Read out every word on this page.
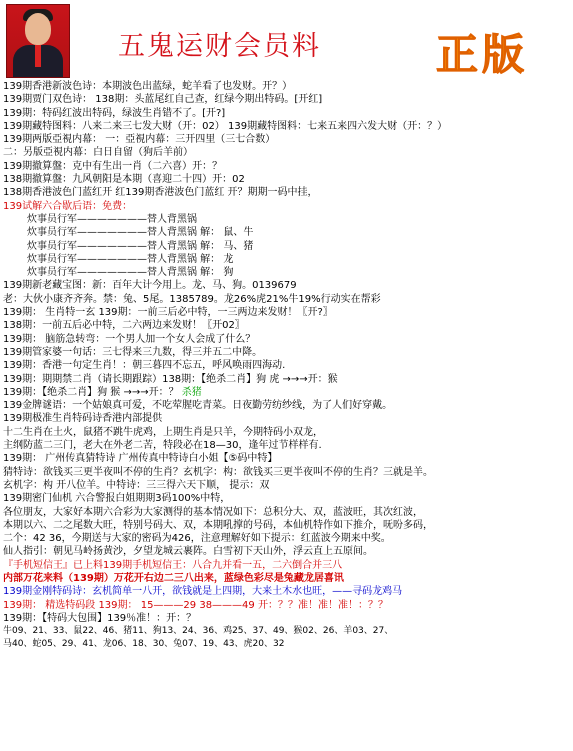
五鬼运财会员料	正版
139期香港新波色诗：本期波色出蓝绿，蛇羊看了也发财。开？）
139期贾门双色诗： 138期：头蓝尾红自己查，红绿今期出特码。[开红]
139期：特码红波出特码，绿波生肖错不了。[开?]
139期藏特图料：八来二来三七发大财（开：02） 139期藏特图料：七来五来四六发大财（开：？）
139期两版亞視内幕： 一：亞視内幕：三开四里（三七合数）
二：另版亞視内幕：白日自留（狗后羊前）
139期撤算盤：克中有生出一肖（二六喜）开：？
138期撤算盤：九风朝阳是本期（喜迎二十四）开：02
138期香港波色门蓝红开 红139期香港波色门蓝红 开？期期一码中挂，
139试解六合歇后语：免费：
炊事员行军———————替人背黑锅
炊事员行军———————替人背黑锅 解： 鼠、牛
炊事员行军———————替人背黑锅 解： 马、猪
炊事员行军———————替人背黑锅 解： 龙
炊事员行军———————替人背黑锅 解： 狗
139期新老藏宝图：新：百年大计今用上。龙、马、狗。0139679
老：大伙小康齐齐奔。禁：兔、5尾。1385789。龙26%虎21%牛19%行动实在帮彩
139期： 生肖特一玄 139期：一前三后必中特，一三两边来发财！〖开?〗
138期：一前五后必中特，二六两边来发财！〖开02〗
139期： 脑筋急转弯：一个男人加一个女人会成了什么？
139期管家婆一句话：三七得来三九数，得三并五二中降。
139期：香港一句定生肖！：朝三暮四不忘五，呼风唤雨四海动.
139期：期期禁二肖（请长期跟踪）138期：【绝杀二肖】狗 虎 →→→开：猴
139期：【绝杀二肖】狗 猴 →→→开：？ 杀猪
139金牌谜语：一个姑娘真可爱，不吃荤腥吃青菜。日夜勤劳纺纱线，为了人们好穿戴。
139期极准生肖特码诗香港内部提供
十二生肖在土火，鼠猪不跳牛虎鸡，上期生肖是只羊，今期特码小双龙，
主纲防蓝二三门，老大在外老二苦，特段必在18—30，逢年过节样样有.
139期： 广州传真猜特诗 广州传真中特诗白小姐【⑤码中特】
猜特诗：欲钱买三更半夜叫不停的生肖？玄机字：构：欲钱买三更半夜叫不停的生肖？三就是羊。
玄机字：构 开八位羊。中特诗：三三得六天下顺， 提示：双
139期密门仙机 六合警报白姐期期3码100%中特，
各位朋友，大家好本期六合彩为大家测得的基本情况如下：总积分大、双，蓝波旺，其次红波，
本期以六、二之尾数大旺，特别号码大、双，本期吼撑的号码，本仙机特作如下推介，呒吩多码，
二个：42 36，今期送与大家的密码为426，注意理解好如下提示：红蓝波今期来中奖。
仙人指引：朝见马岭扬黄沙，夕望龙城云裹阵。白雪初下天山外，浮云直上五原间。
『手机短信王』已上料139期手机短信王：八合九并看一五，二六倒合并三八
内部万花来料（139期）万花开右边二三八出来，蓝绿色彩尽是兔藏龙居喜讯
139期金刚特码诗：玄机简单一八开，欲钱就是上四期，大来土木水也旺，——寻码龙鸡马
139期： 精选特码段 139期： 15———29 38———49 开：？？准！准！准！：？？
139期：【特码大包围】139％准！：开：？
牛09、21、33、鼠22、46、猪11、狗13、24、36、鸡25、37、49、猴02、26、羊03、27、
马40、蛇05、29、41、龙06、18、30、兔07、19、43、虎20、32
